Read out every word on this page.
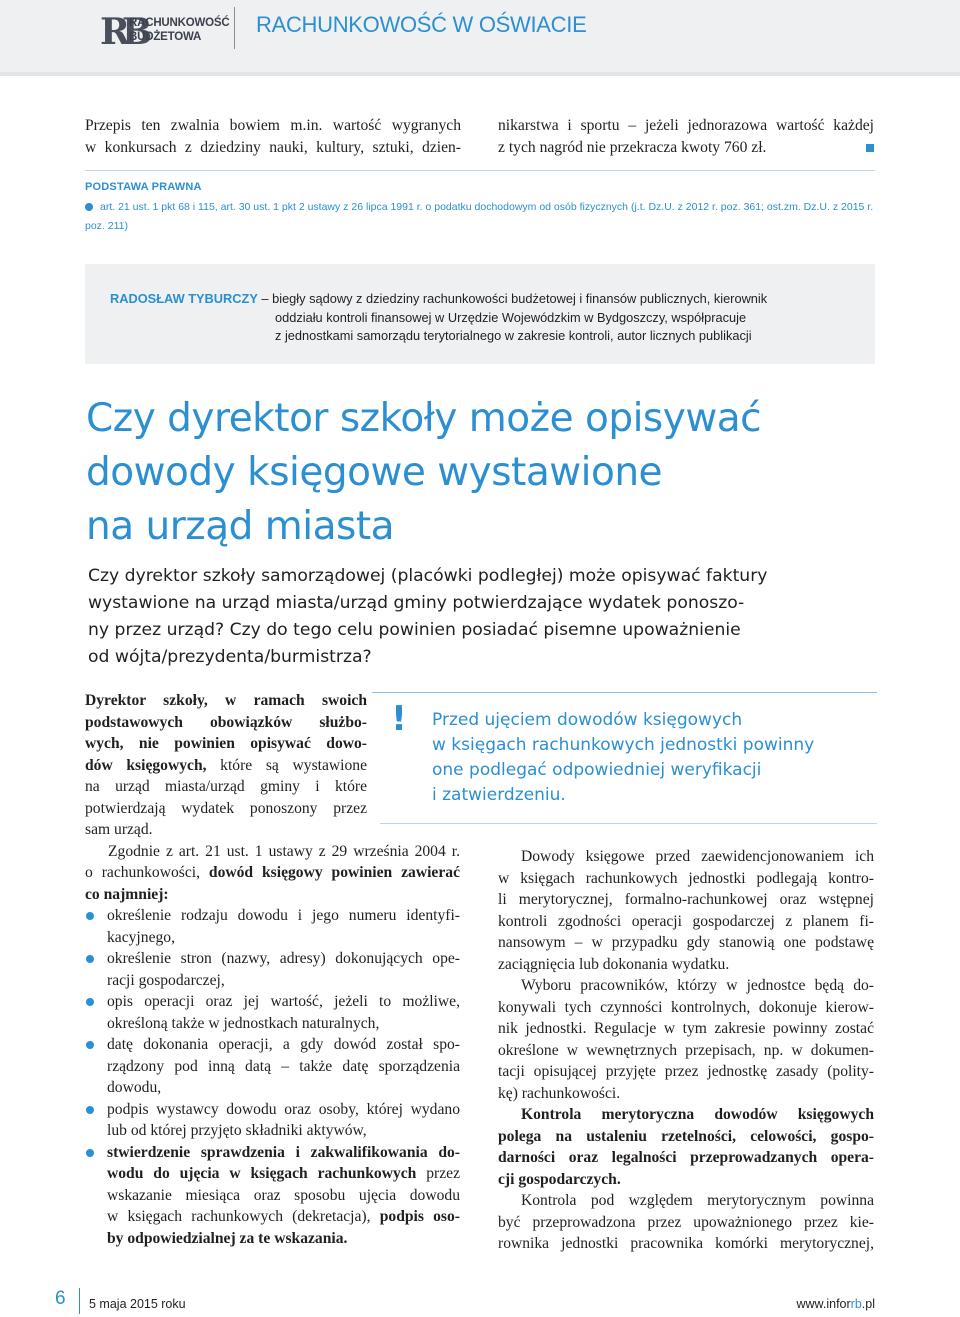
RB
RACHUNKOWOŚĆ
BUDŻETOWA	RACHUNKOWOŚĆ W OŚWIACIE
Przepis ten zwalnia bowiem m.in. wartość wygranych
w konkursach z dziedziny nauki, kultury, sztuki, dzien-
nikarstwa i sportu – jeżeli jednorazowa wartość każdej
z tych nagród nie przekracza kwoty 760 zł.
PODSTAWA PRAWNA
art. 21 ust. 1 pkt 68 i 115, art. 30 ust. 1 pkt 2 ustawy z 26 lipca 1991 r. o podatku dochodowym od osób fizycznych (j.t. Dz.U. z 2012 r. poz. 361; ost.zm. Dz.U. z 2015 r.
poz. 211)
RADOSŁAW TYBURCZY – biegły sądowy z dziedziny rachunkowości budżetowej i finansów publicznych, kierownik
oddziału kontroli finansowej w Urzędzie Wojewódzkim w Bydgoszczy, współpracuje
z jednostkami samorządu terytorialnego w zakresie kontroli, autor licznych publikacji
Czy dyrektor szkoły może opisywać
dowody księgowe wystawione
na urząd miasta
Czy dyrektor szkoły samorządowej (placówki podległej) może opisywać faktury
wystawione na urząd miasta/urząd gminy potwierdzające wydatek ponoszo-
ny przez urząd? Czy do tego celu powinien posiadać pisemne upoważnienie
od wójta/prezydenta/burmistrza?
!	Przed ujęciem dowodów księgowych
w księgach rachunkowych jednostki powinny
one podlegać odpowiedniej weryfikacji
i zatwierdzeniu.
Dyrektor szkoły, w ramach swoich
podstawowych obowiązków służbo-
wych, nie powinien opisywać dowo-
dów księgowych, które są wystawione
na urząd miasta/urząd gminy i które
potwierdzają wydatek ponoszony przez
sam urząd.
Zgodnie z art. 21 ust. 1 ustawy z 29 września 2004 r.
o rachunkowości, dowód księgowy powinien zawierać
co najmniej:
określenie rodzaju dowodu i jego numeru identyfi-
kacyjnego,
określenie stron (nazwy, adresy) dokonujących ope-
racji gospodarczej,
opis operacji oraz jej wartość, jeżeli to możliwe,
określoną także w jednostkach naturalnych,
datę dokonania operacji, a gdy dowód został spo-
rządzony pod inną datą – także datę sporządzenia
dowodu,
podpis wystawcy dowodu oraz osoby, której wydano
lub od której przyjęto składniki aktywów,
stwierdzenie sprawdzenia i zakwalifikowania do-
wodu do ujęcia w księgach rachunkowych przez
wskazanie miesiąca oraz sposobu ujęcia dowodu
w księgach rachunkowych (dekretacja), podpis oso-
by odpowiedzialnej za te wskazania.
Dowody księgowe przed zaewidencjonowaniem ich
w księgach rachunkowych jednostki podlegają kontro-
li merytorycznej, formalno-rachunkowej oraz wstępnej
kontroli zgodności operacji gospodarczej z planem fi-
nansowym – w przypadku gdy stanowią one podstawę
zaciągnięcia lub dokonania wydatku.
Wyboru pracowników, którzy w jednostce będą do-
konywali tych czynności kontrolnych, dokonuje kierow-
nik jednostki. Regulacje w tym zakresie powinny zostać
określone w wewnętrznych przepisach, np. w dokumen-
tacji opisującej przyjęte przez jednostkę zasady (polity-
kę) rachunkowości.
Kontrola merytoryczna dowodów księgowych
polega na ustaleniu rzetelności, celowości, gospo-
darności oraz legalności przeprowadzanych opera-
cji gospodarczych.
Kontrola pod względem merytorycznym powinna
być przeprowadzona przez upoważnionego przez kie-
rownika jednostki pracownika komórki merytorycznej,
6 5 maja 2015 roku	www.inforrb.pl
